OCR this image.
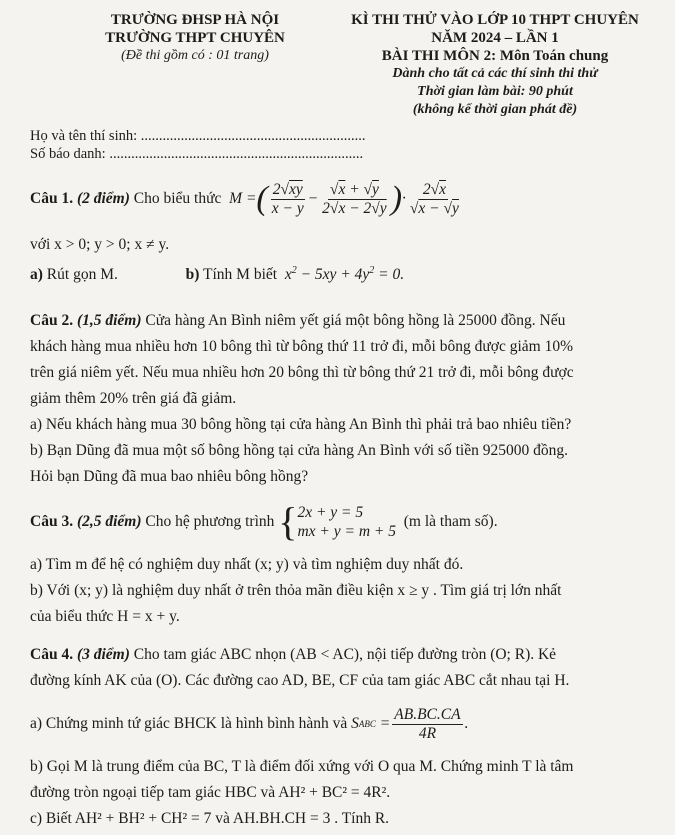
TRƯỜNG ĐHSP HÀ NỘI
TRƯỜNG THPT CHUYÊN
(Đề thi gồm có : 01 trang)
KÌ THI THỬ VÀO LỚP 10 THPT CHUYÊN
NĂM 2024 – LẦN 1
BÀI THI MÔN 2: Môn Toán chung
Dành cho tất cả các thí sinh thi thử
Thời gian làm bài: 90 phút
(không kể thời gian phát đề)
Họ và tên thí sinh: ..............................................................
Số báo danh: ......................................................................
Câu 1.
(2 điểm)
Cho biểu thức
M = ( $\frac{2√xy}{x - y} - \frac{√x + √y}{2√x - 2√y}$ ) · $\frac{2√x}{√x - √y}$
với x > 0; y > 0; x ≠ y.
a) Rút gọn M.	b) Tính M biết  $x^2 - 5xy + 4y^2 = 0$.
Câu 2. (1,5 điểm) Cửa hàng An Bình niêm yết giá một bông hồng là 25000 đồng. Nếu
khách hàng mua nhiều hơn 10 bông thì từ bông thứ 11 trở đi, mỗi bông được giảm 10%
trên giá niêm yết. Nếu mua nhiều hơn 20 bông thì từ bông thứ 21 trở đi, mỗi bông được
giảm thêm 20% trên giá đã giảm.
a) Nếu khách hàng mua 30 bông hồng tại cửa hàng An Bình thì phải trả bao nhiêu tiền?
b) Bạn Dũng đã mua một số bông hồng tại cửa hàng An Bình với số tiền 925000 đồng.
Hỏi bạn Dũng đã mua bao nhiêu bông hồng?
Câu 3.
(2,5 điểm)
Cho hệ phương trình
{ 2x + y = 5
mx + y = m + 5

(m là tham số).
a) Tìm m để hệ có nghiệm duy nhất (x; y) và tìm nghiệm duy nhất đó.
b) Với (x; y) là nghiệm duy nhất ở trên thỏa mãn điều kiện x ≥ y . Tìm giá trị lớn nhất
của biểu thức H = x + y.
Câu 4. (3 điểm) Cho tam giác ABC nhọn (AB < AC), nội tiếp đường tròn (O; R). Kẻ
đường kính AK của (O). Các đường cao AD, BE, CF của tam giác ABC cắt nhau tại H.
a) Chứng minh tứ giác BHCK là hình bình hành và
S ABC = $\frac{AB.BC.CA}{4R}$ .
b) Gọi M là trung điểm của BC, T là điểm đối xứng với O qua M. Chứng minh T là tâm
đường tròn ngoại tiếp tam giác HBC và AH² + BC² = 4R².
c) Biết AH² + BH² + CH² = 7 và AH.BH.CH = 3 . Tính R.
